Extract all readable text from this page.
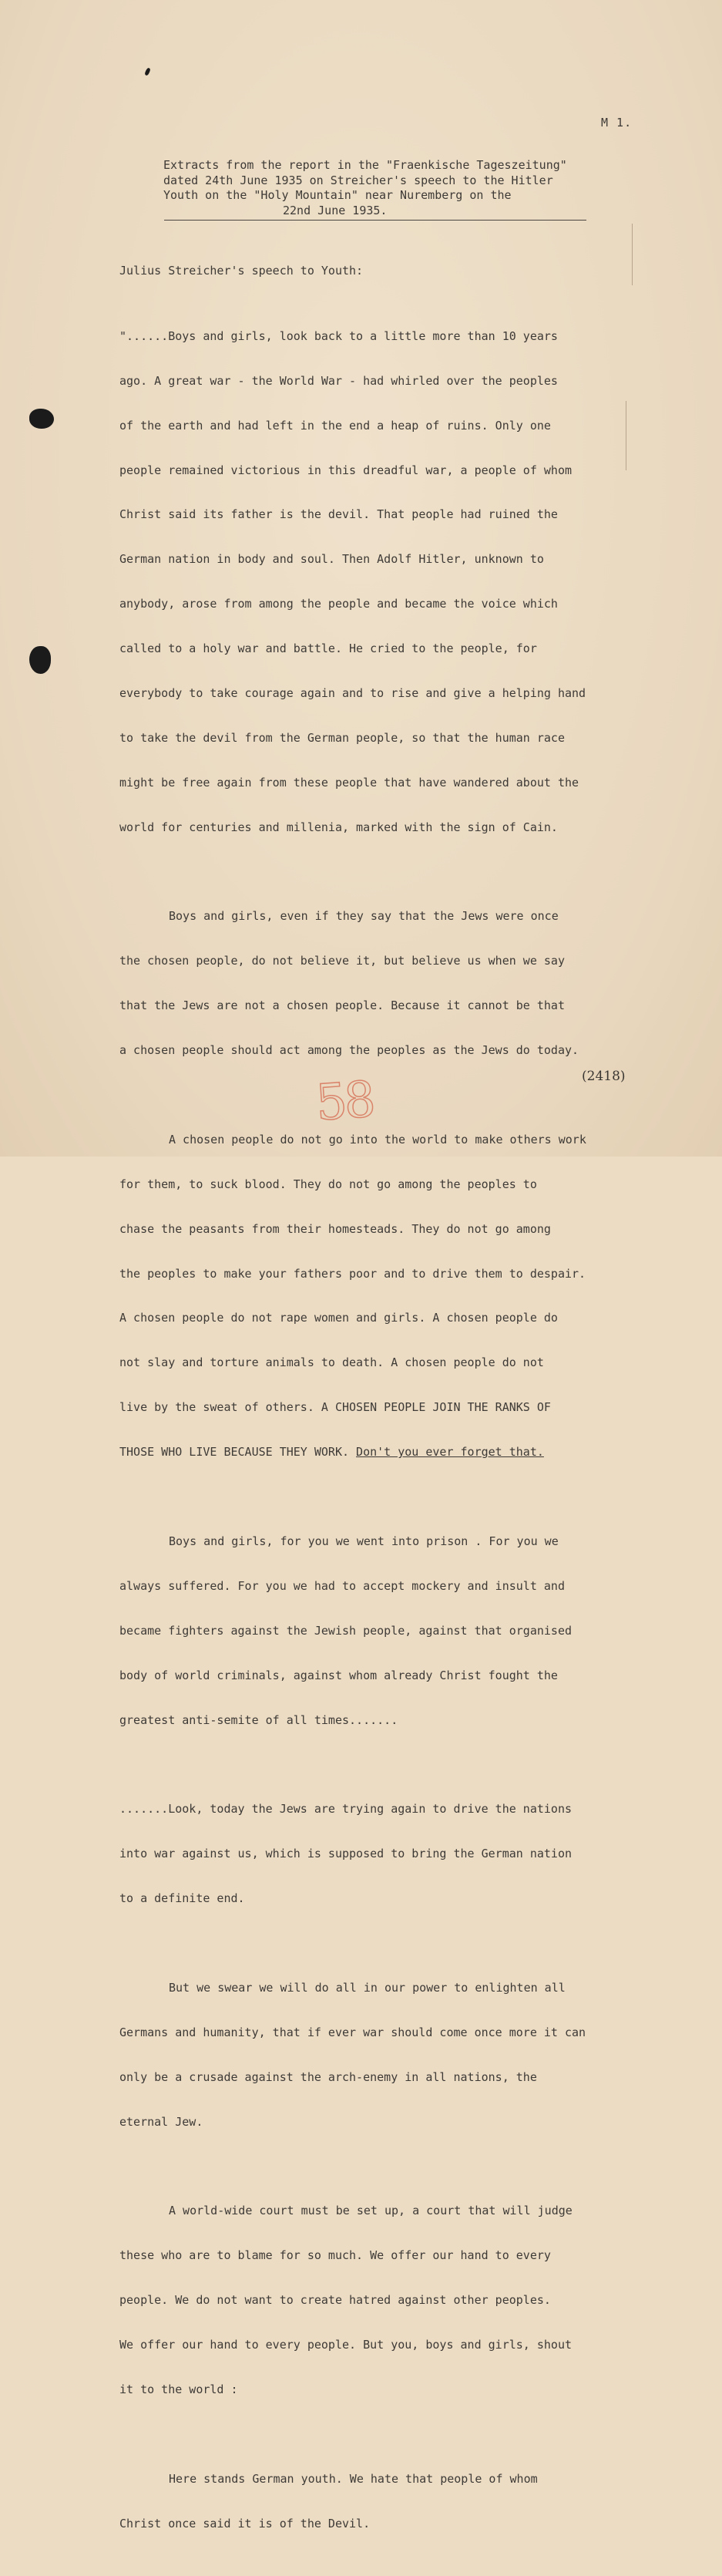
M 1.
Extracts from the report in the "Fraenkische Tageszeitung"
dated 24th June 1935 on Streicher's speech to the Hitler
Youth on the "Holy Mountain" near Nuremberg on the
22nd June 1935.

Julius Streicher's speech to Youth:

"......Boys and girls, look back to a little more than 10 years

ago. A great war - the World War - had whirled over the peoples

of the earth and had left in the end a heap of ruins. Only one

people remained victorious in this dreadful war, a people of whom

Christ said its father is the devil. That people had ruined the

German nation in body and soul. Then Adolf Hitler, unknown to

anybody, arose from among the people and became the voice which

called to a holy war and battle. He cried to the people, for

everybody to take courage again and to rise and give a helping hand

to take the devil from the German people, so that the human race

might be free again from these people that have wandered about the

world for centuries and millenia, marked with the sign of Cain.

Boys and girls, even if they say that the Jews were once

the chosen people, do not believe it, but believe us when we say

that the Jews are not a chosen people. Because it cannot be that

a chosen people should act among the peoples as the Jews do today.

A chosen people do not go into the world to make others work

for them, to suck blood. They do not go among the peoples to

chase the peasants from their homesteads. They do not go among

the peoples to make your fathers poor and to drive them to despair.

A chosen people do not rape women and girls. A chosen people do

not slay and torture animals to death. A chosen people do not

live by the sweat of others. A CHOSEN PEOPLE JOIN THE RANKS OF

THOSE WHO LIVE BECAUSE THEY WORK. Don't you ever forget that.

Boys and girls, for you we went into prison . For you we

always suffered. For you we had to accept mockery and insult and

became fighters against the Jewish people, against that organised

body of world criminals, against whom already Christ fought the

greatest anti-semite of all times.......

.......Look, today the Jews are trying again to drive the nations

into war against us, which is supposed to bring the German nation

to a definite end.

But we swear we will do all in our power to enlighten all

Germans and humanity, that if ever war should come once more it can

only be a crusade against the arch-enemy in all nations, the

eternal Jew.

A world-wide court must be set up, a court that will judge

these who are to blame for so much. We offer our hand to every

people. We do not want to create hatred against other peoples.

We offer our hand to every people. But you, boys and girls, shout

it to the world :

Here stands German youth. We hate that people of whom

Christ once said it is of the Devil.

(2418)
58
